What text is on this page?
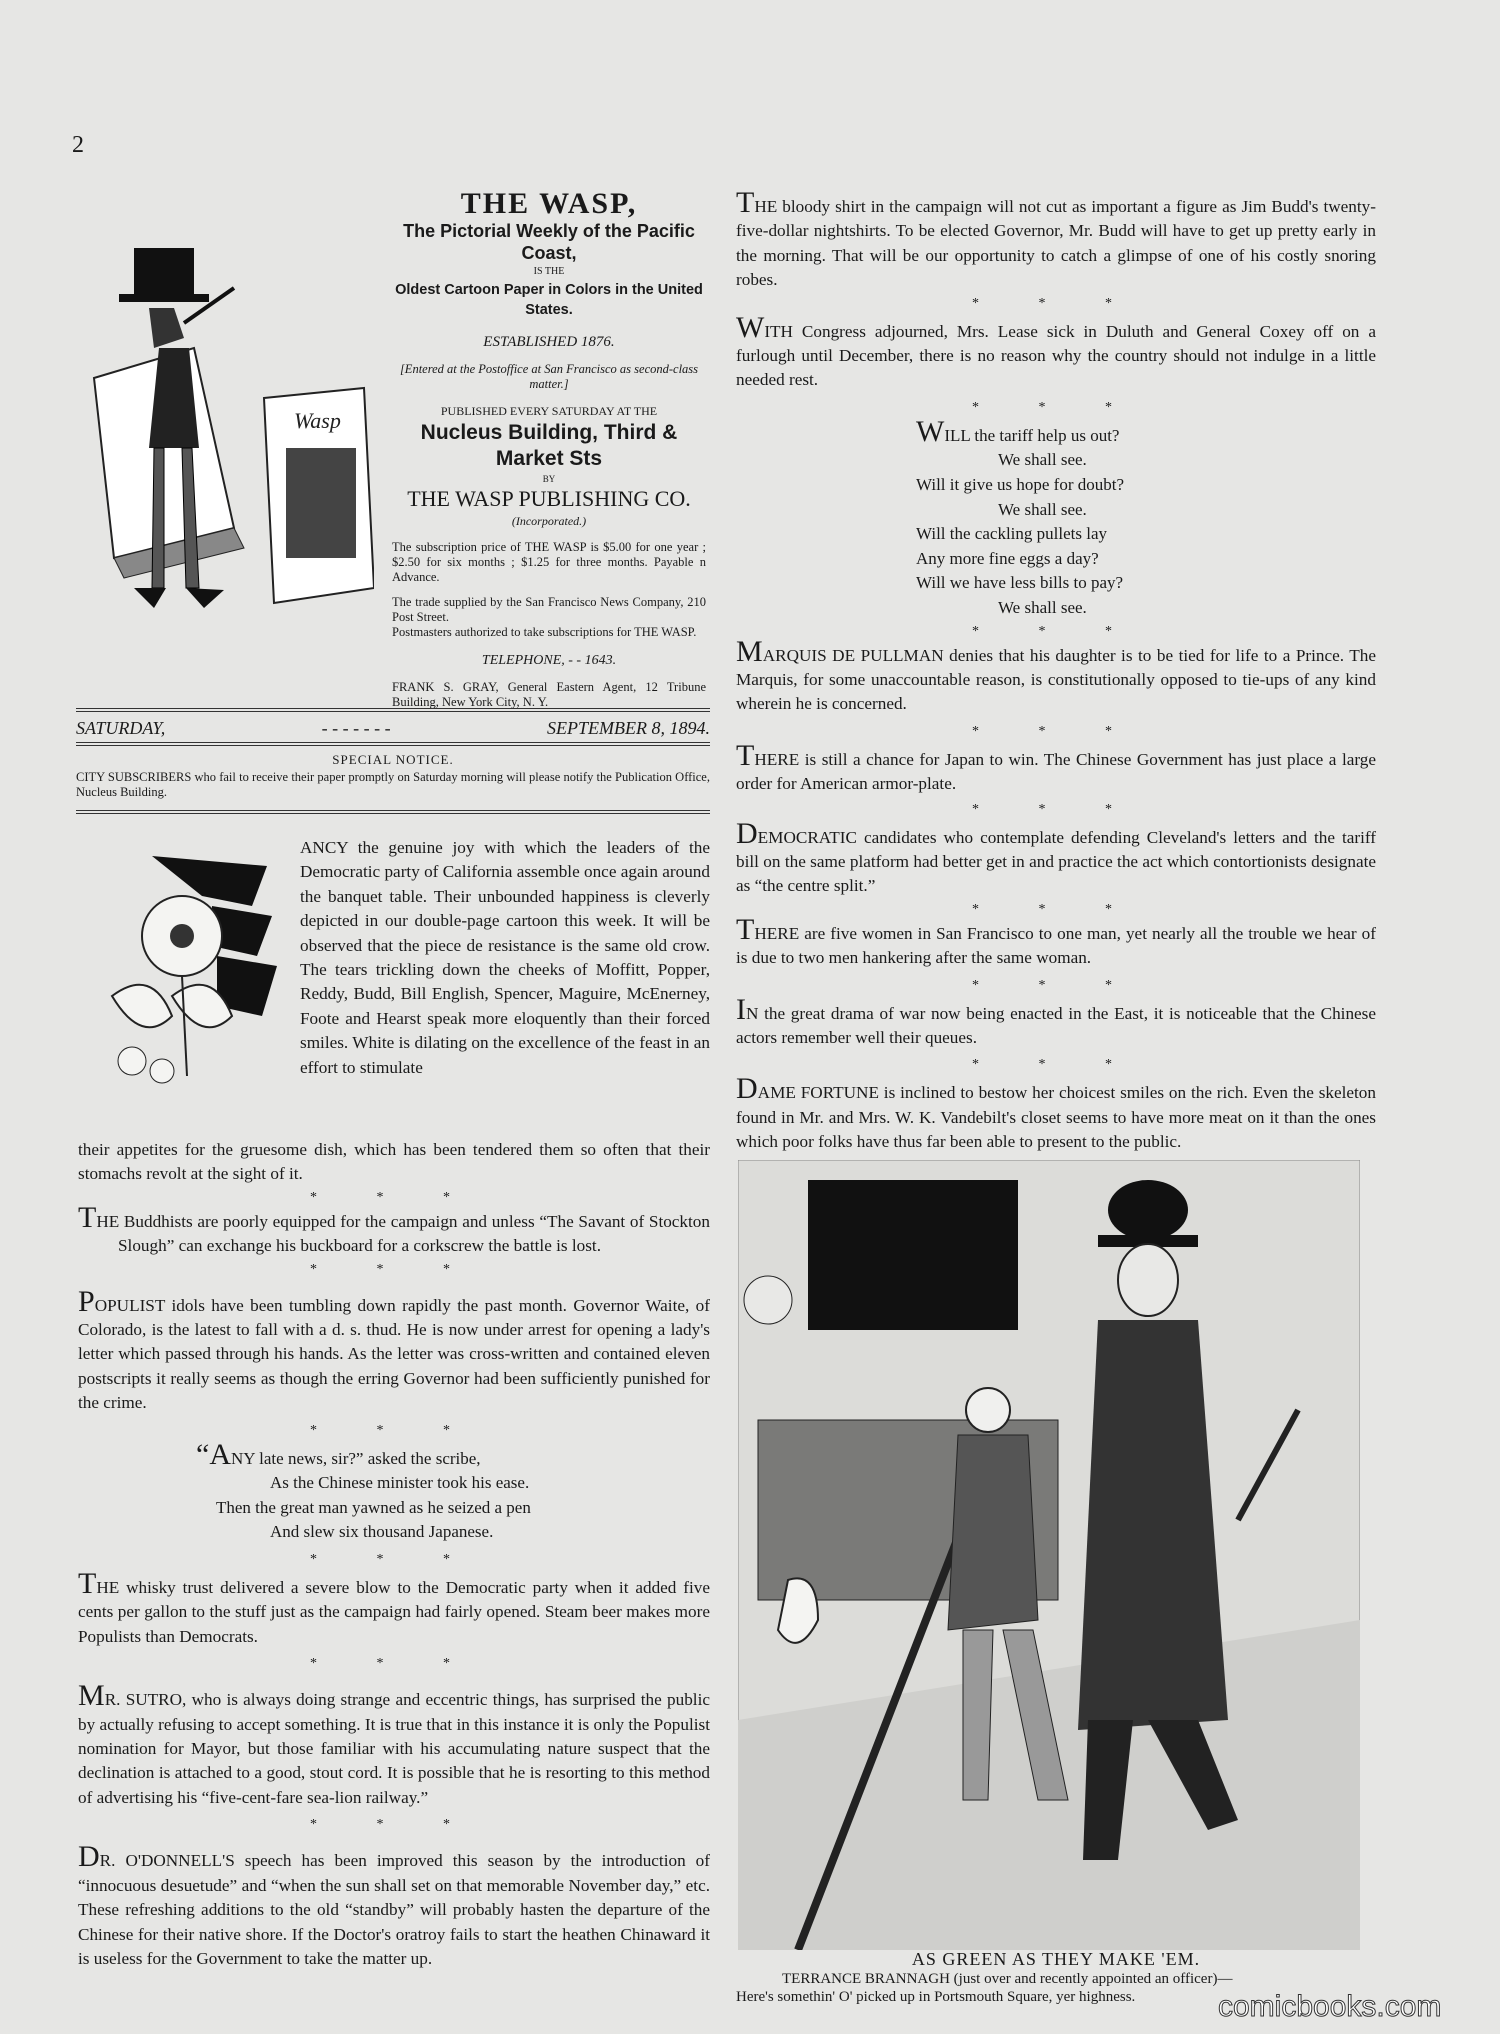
2
Wasp
THE WASP,
The Pictorial Weekly of the Pacific Coast,
IS THE
Oldest Cartoon Paper in Colors in the United States.
ESTABLISHED 1876.
[Entered at the Postoffice at San Francisco as second-class matter.]
PUBLISHED EVERY SATURDAY AT THE
Nucleus Building, Third & Market Sts
BY
THE WASP PUBLISHING CO.
(Incorporated.)
The subscription price of THE WASP is $5.00 for one year ; $2.50 for six months ; $1.25 for three months. Payable n Advance.
The trade supplied by the San Francisco News Company, 210 Post Street.
Postmasters authorized to take subscriptions for THE WASP.
TELEPHONE, - - 1643.
FRANK S. GRAY, General Eastern Agent, 12 Tribune Building, New York City, N. Y.
SATURDAY,	- - - - - - -	SEPTEMBER 8, 1894.
SPECIAL NOTICE.
CITY SUBSCRIBERS who fail to receive their paper promptly on Saturday morning will please notify the Publication Office, Nucleus Building.

ANCY the genuine joy with which the leaders of the Democratic party of California assemble once again around the banquet table. Their unbounded happiness is cleverly depicted in our double-page cartoon this week. It will be observed that the piece de resistance is the same old crow. The tears trickling down the cheeks of Moffitt, Popper, Reddy, Budd, Bill English, Spencer, Maguire, McEnerney, Foote and Hearst speak more eloquently than their forced smiles. White is dilating on the excellence of the feast in an effort to stimulate

their appetites for the gruesome dish, which has been tendered them so often that their stomachs revolt at the sight of it.

* * *

THE Buddhists are poorly equipped for the campaign and unless “The Savant of Stockton Slough” can exchange his buckboard for a corkscrew the battle is lost.

* * *

POPULIST idols have been tumbling down rapidly the past month. Governor Waite, of Colorado, is the latest to fall with a d. s. thud. He is now under arrest for opening a lady's letter which passed through his hands. As the letter was cross-written and contained eleven postscripts it really seems as though the erring Governor had been sufficiently punished for the crime.

* * *
“ANY late news, sir?” asked the scribe,
As the Chinese minister took his ease.
Then the great man yawned as he seized a pen
And slew six thousand Japanese.
* * *

THE whisky trust delivered a severe blow to the Democratic party when it added five cents per gallon to the stuff just as the campaign had fairly opened. Steam beer makes more Populists than Democrats.

* * *

MR. SUTRO, who is always doing strange and eccentric things, has surprised the public by actually refusing to accept something. It is true that in this instance it is only the Populist nomination for Mayor, but those familiar with his accumulating nature suspect that the declination is attached to a good, stout cord. It is possible that he is resorting to this method of advertising his “five-cent-fare sea-lion railway.”

* * *

DR. O'DONNELL'S speech has been improved this season by the introduction of “innocuous desuetude” and “when the sun shall set on that memorable November day,” etc. These refreshing additions to the old “standby” will probably hasten the departure of the Chinese for their native shore. If the Doctor's oratroy fails to start the heathen Chinaward it is useless for the Government to take the matter up.

THE bloody shirt in the campaign will not cut as important a figure as Jim Budd's twenty-five-dollar nightshirts. To be elected Governor, Mr. Budd will have to get up pretty early in the morning. That will be our opportunity to catch a glimpse of one of his costly snoring robes.

* * *

WITH Congress adjourned, Mrs. Lease sick in Duluth and General Coxey off on a furlough until December, there is no reason why the country should not indulge in a little needed rest.

* * *
WILL the tariff help us out?
We shall see.
Will it give us hope for doubt?
We shall see.
Will the cackling pullets lay
Any more fine eggs a day?
Will we have less bills to pay?
We shall see.
* * *

MARQUIS DE PULLMAN denies that his daughter is to be tied for life to a Prince. The Marquis, for some unaccountable reason, is constitutionally opposed to tie-ups of any kind wherein he is concerned.

* * *

THERE is still a chance for Japan to win. The Chinese Government has just place a large order for American armor-plate.

* * *

DEMOCRATIC candidates who contemplate defending Cleveland's letters and the tariff bill on the same platform had better get in and practice the act which contortionists designate as “the centre split.”

* * *

THERE are five women in San Francisco to one man, yet nearly all the trouble we hear of is due to two men hankering after the same woman.

* * *

IN the great drama of war now being enacted in the East, it is noticeable that the Chinese actors remember well their queues.

* * *

DAME FORTUNE is inclined to bestow her choicest smiles on the rich. Even the skeleton found in Mr. and Mrs. W. K. Vandebilt's closet seems to have more meat on it than the ones which poor folks have thus far been able to present to the public.

AS GREEN AS THEY MAKE 'EM.
TERRANCE BRANNAGH (just over and recently appointed an officer)—
Here's somethin' O' picked up in Portsmouth Square, yer highness.	comicbooks.com
